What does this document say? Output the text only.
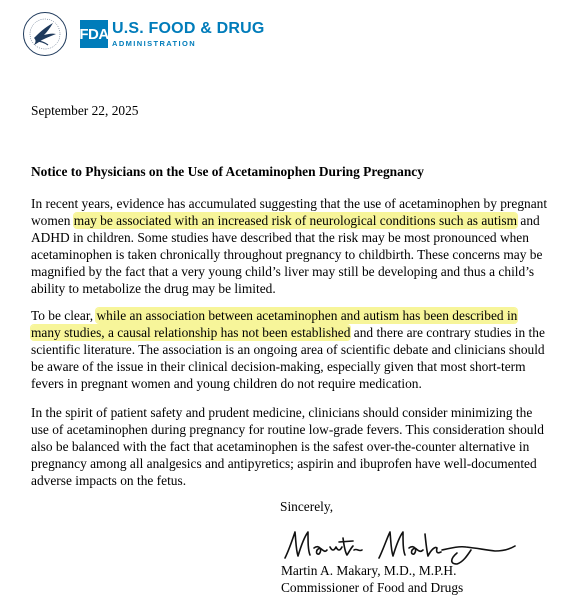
FDA U.S. FOOD & DRUG
ADMINISTRATION
September 22, 2025
Notice to Physicians on the Use of Acetaminophen During Pregnancy
In recent years, evidence has accumulated suggesting that the use of acetaminophen by pregnant
women may be associated with an increased risk of neurological conditions such as autism and
ADHD in children. Some studies have described that the risk may be most pronounced when
acetaminophen is taken chronically throughout pregnancy to childbirth. These concerns may be
magnified by the fact that a very young child’s liver may still be developing and thus a child’s
ability to metabolize the drug may be limited.
To be clear, while an association between acetaminophen and autism has been described in
many studies, a causal relationship has not been established and there are contrary studies in the
scientific literature. The association is an ongoing area of scientific debate and clinicians should
be aware of the issue in their clinical decision-making, especially given that most short-term
fevers in pregnant women and young children do not require medication.
In the spirit of patient safety and prudent medicine, clinicians should consider minimizing the
use of acetaminophen during pregnancy for routine low-grade fevers. This consideration should
also be balanced with the fact that acetaminophen is the safest over-the-counter alternative in
pregnancy among all analgesics and antipyretics; aspirin and ibuprofen have well-documented
adverse impacts on the fetus.
Sincerely,
Martin A. Makary, M.D., M.P.H.
Commissioner of Food and Drugs
